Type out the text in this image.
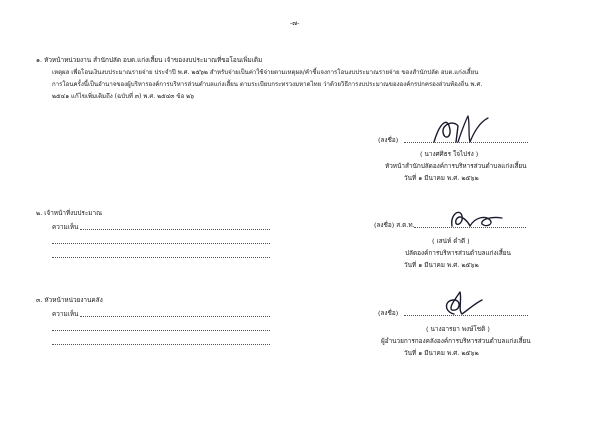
-๗-
๑. หัวหน้าหน่วยงาน สำนักปลัด อบต.แก่งเสี้ยน เจ้าของงบประมาณที่ขอโอนเพิ่มเติม
เหตุผล เพื่อโอนเงินงบประมาณรายจ่าย ประจำปี พ.ศ. ๒๕๖๒ สำหรับจ่ายเป็นค่าใช้จ่ายตามเหตุผล/คำชี้แจงการโอนงบประมาณรายจ่าย ของสำนักปลัด อบต.แก่งเสี้ยน
การโอนครั้งนี้เป็นอำนาจของผู้บริหารองค์การบริหารส่วนตำบลแก่งเสี้ยน ตามระเบียบกระทรวงมหาดไทย ว่าด้วยวิธีการงบประมาณขององค์กรปกครองส่วนท้องถิ่น พ.ศ.
๒๕๔๑ แก้ไขเพิ่มเติมถึง (ฉบับที่ ๓) พ.ศ. ๒๕๔๓ ข้อ ๒๖
(ลงชื่อ)
( นางศศิธร ใจไปร่ง )
หัวหน้าสำนักปลัดองค์การบริหารส่วนตำบลแก่งเสี้ยน
วันที่ ๑ มีนาคม พ.ศ. ๒๕๖๒
๒. เจ้าหน้าที่งบประมาณ
ความเห็น	(ลงชื่อ) ส.ต.ท.
( เสน่ห์ ดำดี )
ปลัดองค์การบริหารส่วนตำบลแก่งเสี้ยน
วันที่ ๑ มีนาคม พ.ศ. ๒๕๖๒
๓. หัวหน้าหน่วยงานคลัง
ความเห็น	(ลงชื่อ)
( นางอารยา พงษ์โชติ )
ผู้อำนวยการกองคลังองค์การบริหารส่วนตำบลแก่งเสี้ยน
วันที่ ๑ มีนาคม พ.ศ. ๒๕๖๒
